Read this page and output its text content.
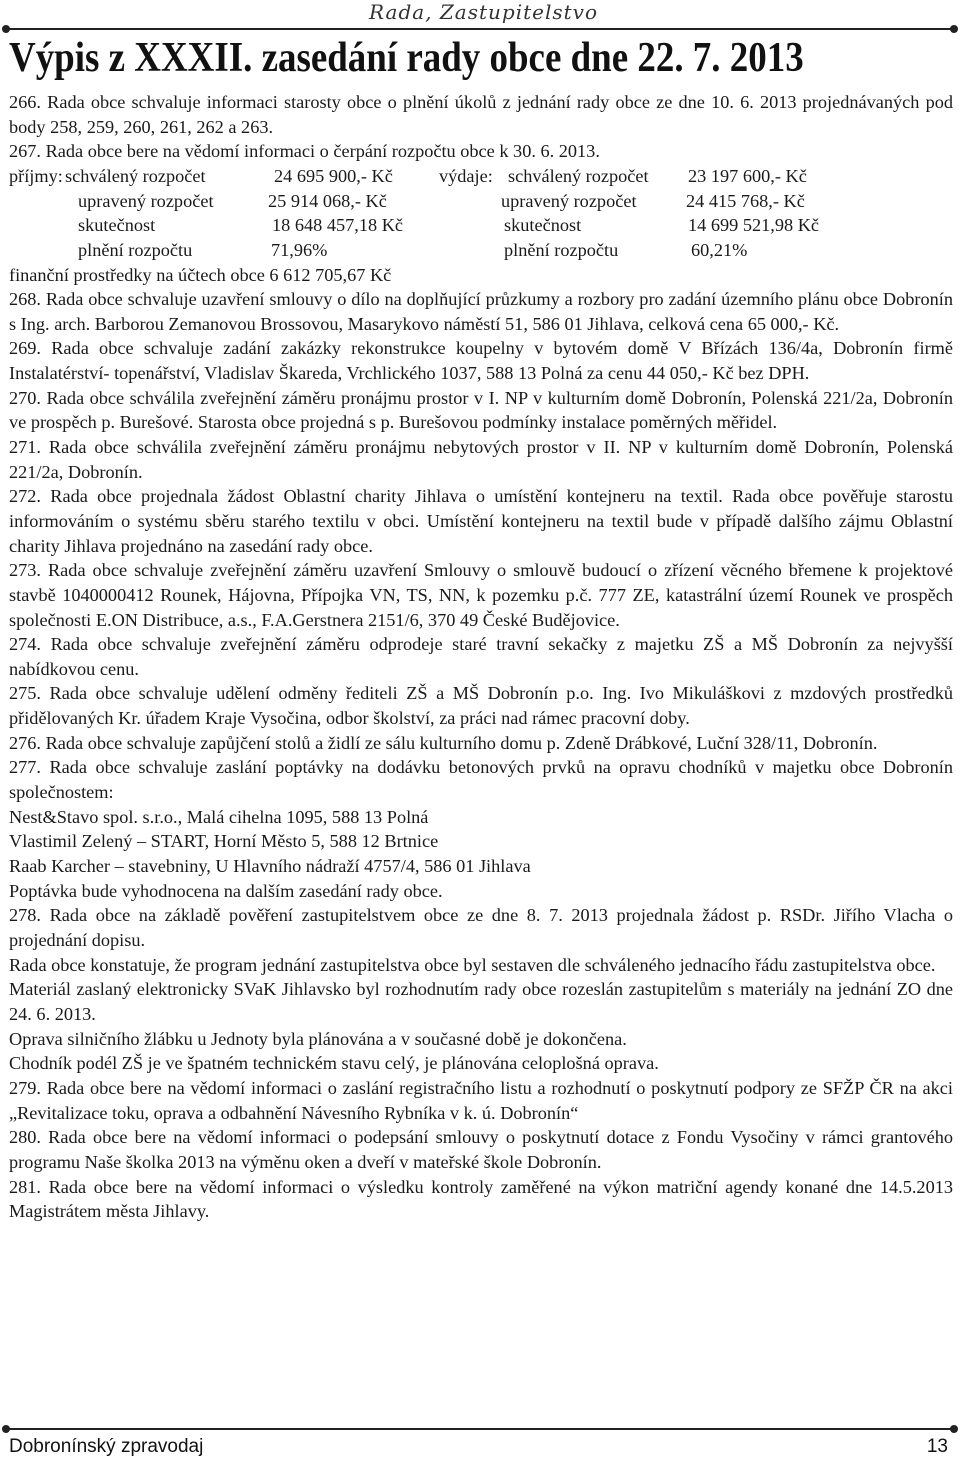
Rada, Zastupitelstvo
Výpis z XXXII. zasedání rady obce dne 22. 7. 2013

266. Rada obce schvaluje informaci starosty obce o plnění úkolů z jednání rady obce ze dne 10. 6. 2013 projednávaných pod body 258, 259, 260, 261, 262 a 263.

267. Rada obce bere na vědomí informaci o čerpání rozpočtu obce k 30. 6. 2013.

příjmy: schválený rozpočet	24 695 900,- Kč	výdaje: schválený rozpočet 23 197 600,- Kč
upravený rozpočet	25 914 068,- Kč	upravený rozpočet	24 415 768,- Kč
skutečnost	18 648 457,18 Kč	skutečnost	14 699 521,98 Kč
plnění rozpočtu	71,96%	plnění rozpočtu	60,21%
finanční prostředky na účtech obce 6 612 705,67 Kč

268. Rada obce schvaluje uzavření smlouvy o dílo na doplňující průzkumy a rozbory pro zadání územního plánu obce Dobronín s Ing. arch. Barborou Zemanovou Brossovou, Masarykovo náměstí 51, 586 01 Jihlava, celková cena 65 000,- Kč.

269. Rada obce schvaluje zadání zakázky rekonstrukce koupelny v bytovém domě V Břízách 136/4a, Dobronín firmě Instalatérství- topenářství, Vladislav Škareda, Vrchlického 1037, 588 13 Polná za cenu 44 050,- Kč bez DPH.

270. Rada obce schválila zveřejnění záměru pronájmu prostor v I. NP v kulturním domě Dobronín, Polenská 221/2a, Dobronín ve prospěch p. Burešové. Starosta obce projedná s p. Burešovou podmínky instalace poměrných měřidel.

271. Rada obce schválila zveřejnění záměru pronájmu nebytových prostor v II. NP v kulturním domě Dobronín, Polenská 221/2a, Dobronín.

272. Rada obce projednala žádost Oblastní charity Jihlava o umístění kontejneru na textil. Rada obce pověřuje starostu informováním o systému sběru starého textilu v obci. Umístění kontejneru na textil bude v případě dalšího zájmu Oblastní charity Jihlava projednáno na zasedání rady obce.

273. Rada obce schvaluje zveřejnění záměru uzavření Smlouvy o smlouvě budoucí o zřízení věcného břemene k projektové stavbě 1040000412 Rounek, Hájovna, Přípojka VN, TS, NN, k pozemku p.č. 777 ZE, katastrální území Rounek ve prospěch společnosti E.ON Distribuce, a.s., F.A.Gerstnera 2151/6, 370 49 České Budějovice.

274. Rada obce schvaluje zveřejnění záměru odprodeje staré travní sekačky z majetku ZŠ a MŠ Dobronín za nejvyšší nabídkovou cenu.

275. Rada obce schvaluje udělení odměny řediteli ZŠ a MŠ Dobronín p.o. Ing. Ivo Mikuláškovi z mzdových prostředků přidělovaných Kr. úřadem Kraje Vysočina, odbor školství, za práci nad rámec pracovní doby.

276. Rada obce schvaluje zapůjčení stolů a židlí ze sálu kulturního domu p. Zdeně Drábkové, Luční 328/11, Dobronín.

277. Rada obce schvaluje zaslání poptávky na dodávku betonových prvků na opravu chodníků v majetku obce Dobronín společnostem:

Nest&Stavo spol. s.r.o., Malá cihelna 1095, 588 13 Polná

Vlastimil Zelený – START, Horní Město 5, 588 12 Brtnice

Raab Karcher – stavebniny, U Hlavního nádraží 4757/4, 586 01 Jihlava

Poptávka bude vyhodnocena na dalším zasedání rady obce.

278. Rada obce na základě pověření zastupitelstvem obce ze dne 8. 7. 2013 projednala žádost p. RSDr. Jiřího Vlacha o projednání dopisu.

Rada obce konstatuje, že program jednání zastupitelstva obce byl sestaven dle schváleného jednacího řádu zastupitelstva obce.

Materiál zaslaný elektronicky SVaK Jihlavsko byl rozhodnutím rady obce rozeslán zastupitelům s materiály na jednání ZO dne 24. 6. 2013.

Oprava silničního žlábku u Jednoty byla plánována a v současné době je dokončena.

Chodník podél ZŠ je ve špatném technickém stavu celý, je plánována celoplošná oprava.

279. Rada obce bere na vědomí informaci o zaslání registračního listu a rozhodnutí o poskytnutí podpory ze SFŽP ČR na akci „Revitalizace toku, oprava a odbahnění Návesního Rybníka v k. ú. Dobronín“

280. Rada obce bere na vědomí informaci o podepsání smlouvy o poskytnutí dotace z Fondu Vysočiny v rámci grantového programu Naše školka 2013 na výměnu oken a dveří v mateřské škole Dobronín.

281. Rada obce bere na vědomí informaci o výsledku kontroly zaměřené na výkon matriční agendy konané dne 14.5.2013 Magistrátem města Jihlavy.

Dobronínský zpravodaj	13
